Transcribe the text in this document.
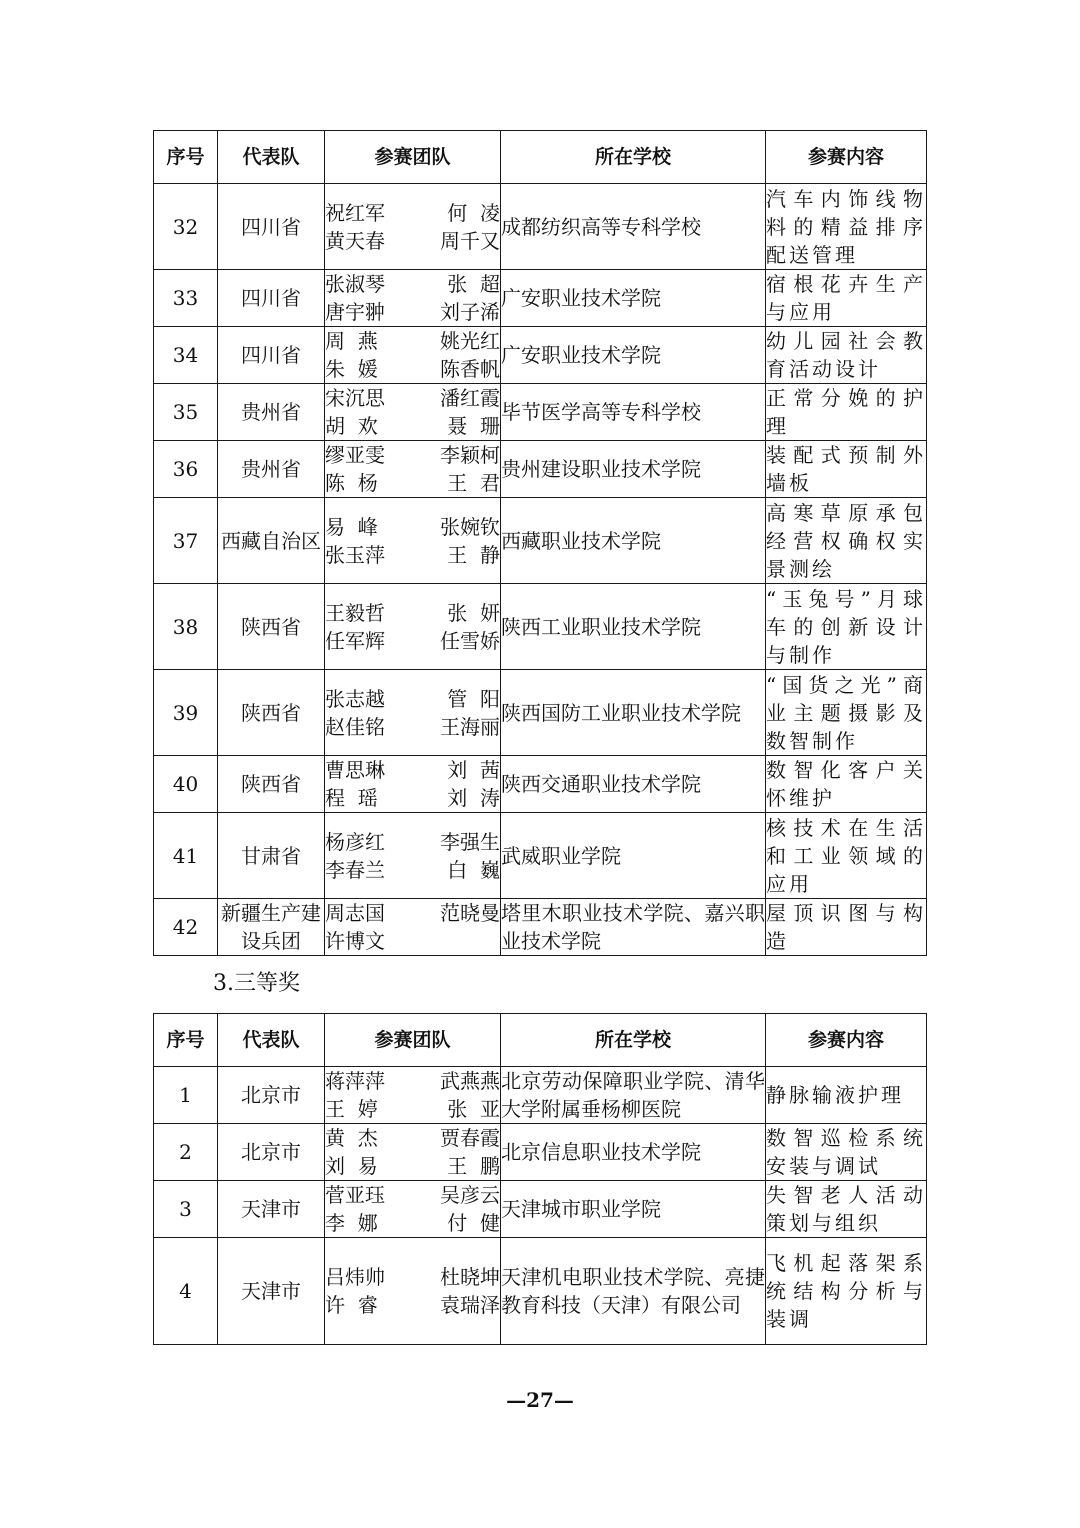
序号	代表队	参赛团队	所在学校	参赛内容
32	四川省	祝红军 何  凌
黄天春 周千又	成都纺织高等专科学校	汽车内饰线物料的精益排序配送管理
33	四川省	张淑琴 张  超
唐宇翀 刘子浠	广安职业技术学院	宿根花卉生产与应用
34	四川省	周  燕 姚光红
朱  媛 陈香帆	广安职业技术学院	幼儿园社会教育活动设计
35	贵州省	宋沉思 潘红霞
胡  欢 聂  珊	毕节医学高等专科学校	正常分娩的护理
36	贵州省	缪亚雯 李颖柯
陈  杨 王  君	贵州建设职业技术学院	装配式预制外墙板
37	西藏自治区	易  峰 张婉钦
张玉萍 王  静	西藏职业技术学院	高寒草原承包经营权确权实景测绘
38	陕西省	王毅哲 张  妍
任军辉 任雪娇	陕西工业职业技术学院	“玉兔号”月球车的创新设计与制作
39	陕西省	张志越 管  阳
赵佳铭 王海丽	陕西国防工业职业技术学院	“国货之光”商业主题摄影及数智制作
40	陕西省	曹思琳 刘  茜
程  瑶 刘  涛	陕西交通职业技术学院	数智化客户关怀维护
41	甘肃省	杨彦红 李强生
李春兰 白  巍	武威职业学院	核技术在生活和工业领域的应用
42	新疆生产建设兵团	周志国 范晓曼
许博文	塔里木职业技术学院、嘉兴职业技术学院	屋顶识图与构造
3.三等奖
序号	代表队	参赛团队	所在学校	参赛内容
1	北京市	蒋萍萍 武燕燕
王  婷 张  亚	北京劳动保障职业学院、清华大学附属垂杨柳医院	静脉输液护理
2	北京市	黄  杰 贾春霞
刘  易 王  鹏	北京信息职业技术学院	数智巡检系统安装与调试
3	天津市	菅亚珏 吴彦云
李  娜 付  健	天津城市职业学院	失智老人活动策划与组织
4	天津市	吕炜帅 杜晓坤
许  睿 袁瑞泽	天津机电职业技术学院、亮捷教育科技（天津）有限公司	飞机起落架系统结构分析与装调
—27—
